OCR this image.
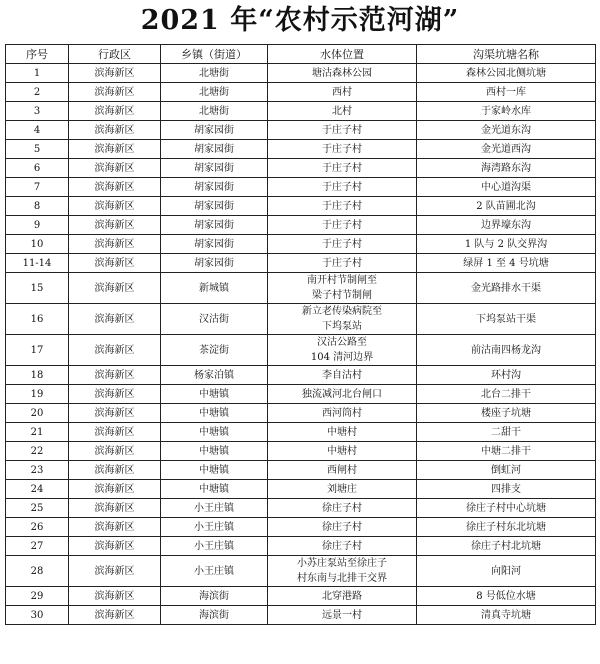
2021 年“农村示范河湖”
序号	行政区	乡镇（街道）	水体位置	沟渠坑塘名称
1	滨海新区	北塘街	塘沽森林公园	森林公园北侧坑塘
2	滨海新区	北塘街	西村	西村一库
3	滨海新区	北塘街	北村	于家岭水库
4	滨海新区	胡家园街	于庄子村	金光道东沟
5	滨海新区	胡家园街	于庄子村	金光道西沟
6	滨海新区	胡家园街	于庄子村	海湾路东沟
7	滨海新区	胡家园街	于庄子村	中心道沟渠
8	滨海新区	胡家园街	于庄子村	2 队苗圃北沟
9	滨海新区	胡家园街	于庄子村	边界壕东沟
10	滨海新区	胡家园街	于庄子村	1 队与 2 队交界沟
11-14	滨海新区	胡家园街	于庄子村	绿屏 1 至 4 号坑塘
15	滨海新区	新城镇	南开村节制闸至
梁子村节制闸	金光路排水干渠
16	滨海新区	汉沽街	新立老传染病院至
下坞泵站	下坞泵站干渠
17	滨海新区	茶淀街	汉沽公路至
104 清河边界	前沽南四杨龙沟
18	滨海新区	杨家泊镇	李自沽村	环村沟
19	滨海新区	中塘镇	独流减河北台闸口	北台二排干
20	滨海新区	中塘镇	西河筒村	楼座子坑塘
21	滨海新区	中塘镇	中塘村	二甜干
22	滨海新区	中塘镇	中塘村	中塘二排干
23	滨海新区	中塘镇	西闸村	倒虹河
24	滨海新区	中塘镇	刘塘庄	四排支
25	滨海新区	小王庄镇	徐庄子村	徐庄子村中心坑塘
26	滨海新区	小王庄镇	徐庄子村	徐庄子村东北坑塘
27	滨海新区	小王庄镇	徐庄子村	徐庄子村北坑塘
28	滨海新区	小王庄镇	小苏庄泵站至徐庄子
村东南与北排干交界	向阳河
29	滨海新区	海滨街	北穿港路	8 号低位水塘
30	滨海新区	海滨街	远景一村	清真寺坑塘
